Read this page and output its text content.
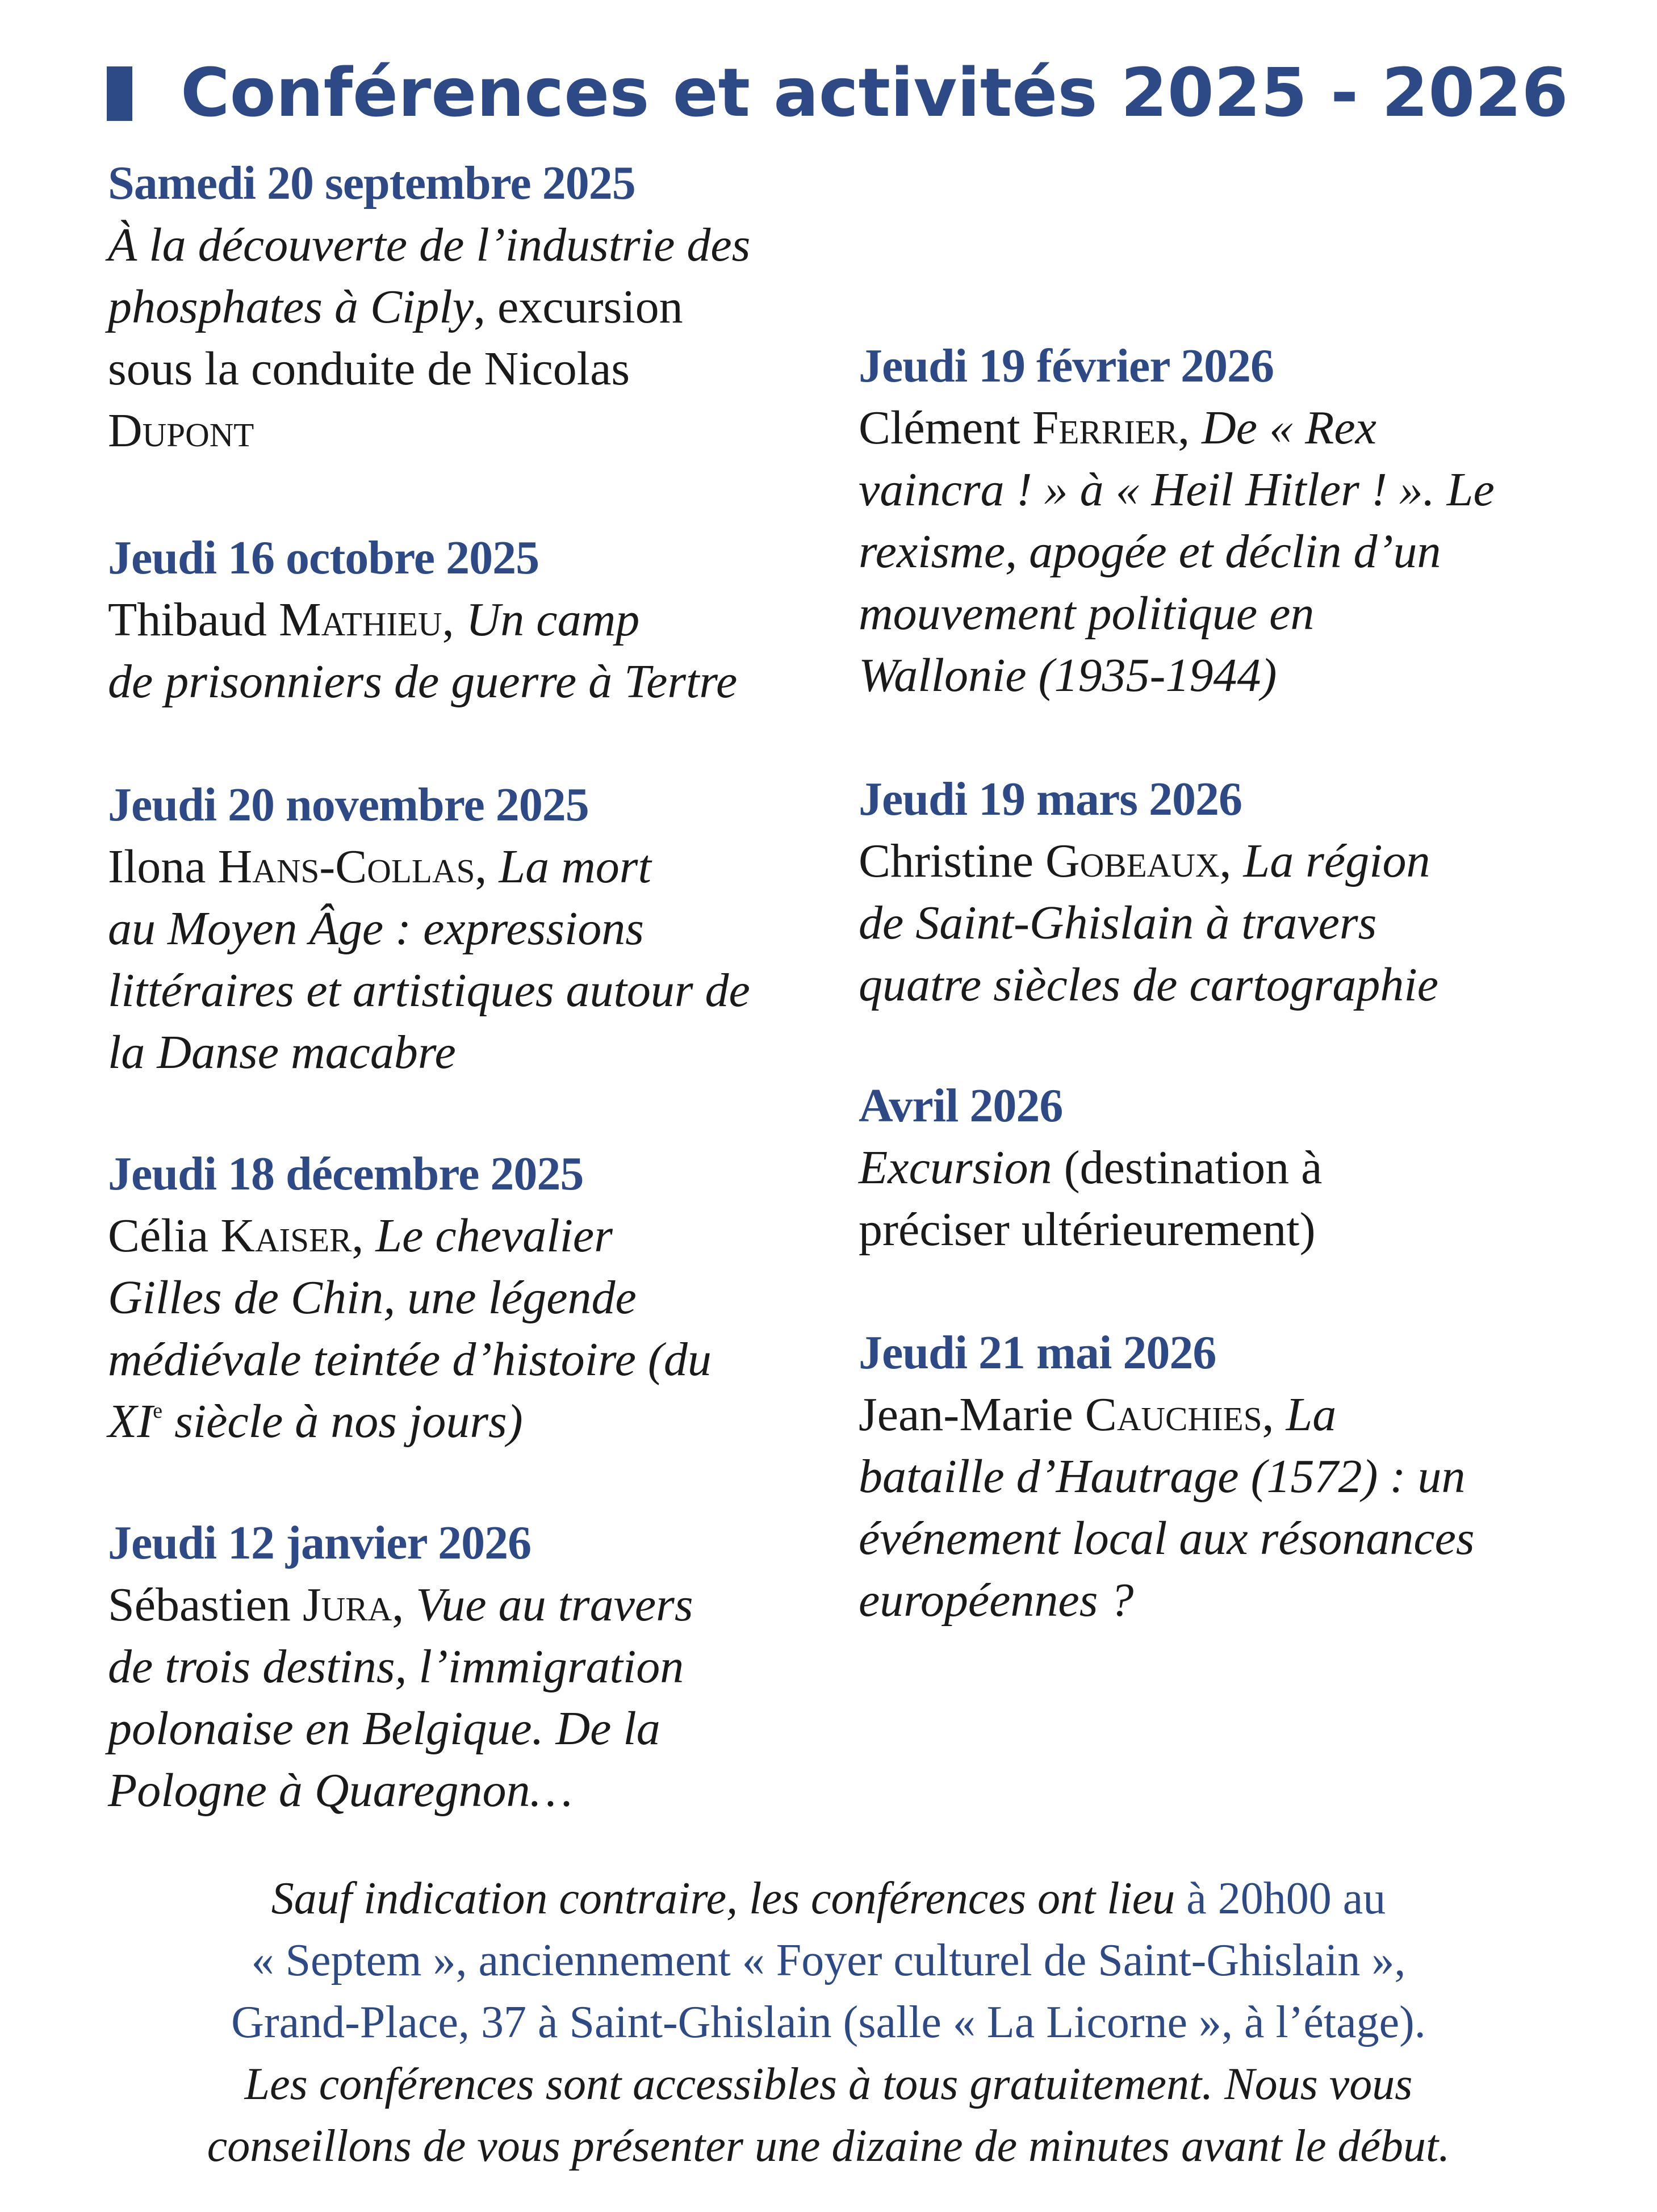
Conférences et activités 2025 - 2026
Samedi 20 septembre 2025
À la découverte de l’industrie des
phosphates à Ciply, excursion
sous la conduite de Nicolas
Dupont
Jeudi 16 octobre 2025
Thibaud Mathieu, Un camp
de prisonniers de guerre à Tertre
Jeudi 20 novembre 2025
Ilona Hans-Collas, La mort
au Moyen Âge : expressions
littéraires et artistiques autour de
la Danse macabre
Jeudi 18 décembre 2025
Célia Kaiser, Le chevalier
Gilles de Chin, une légende
médiévale teintée d’histoire (du
XIe siècle à nos jours)
Jeudi 12 janvier 2026
Sébastien Jura, Vue au travers
de trois destins, l’immigration
polonaise en Belgique. De la
Pologne à Quaregnon…
Jeudi 19 février 2026
Clément Ferrier, De « Rex
vaincra ! » à « Heil Hitler ! ». Le
rexisme, apogée et déclin d’un
mouvement politique en
Wallonie (1935-1944)
Jeudi 19 mars 2026
Christine Gobeaux, La région
de Saint-Ghislain à travers
quatre siècles de cartographie
Avril 2026
Excursion (destination à
préciser ultérieurement)
Jeudi 21 mai 2026
Jean-Marie Cauchies, La
bataille d’Hautrage (1572) : un
événement local aux résonances
européennes ?
Sauf indication contraire, les conférences ont lieu à 20h00 au
« Septem », anciennement « Foyer culturel de Saint-Ghislain »,
Grand-Place, 37 à Saint-Ghislain (salle « La Licorne », à l’étage).
Les conférences sont accessibles à tous gratuitement. Nous vous
conseillons de vous présenter une dizaine de minutes avant le début.
